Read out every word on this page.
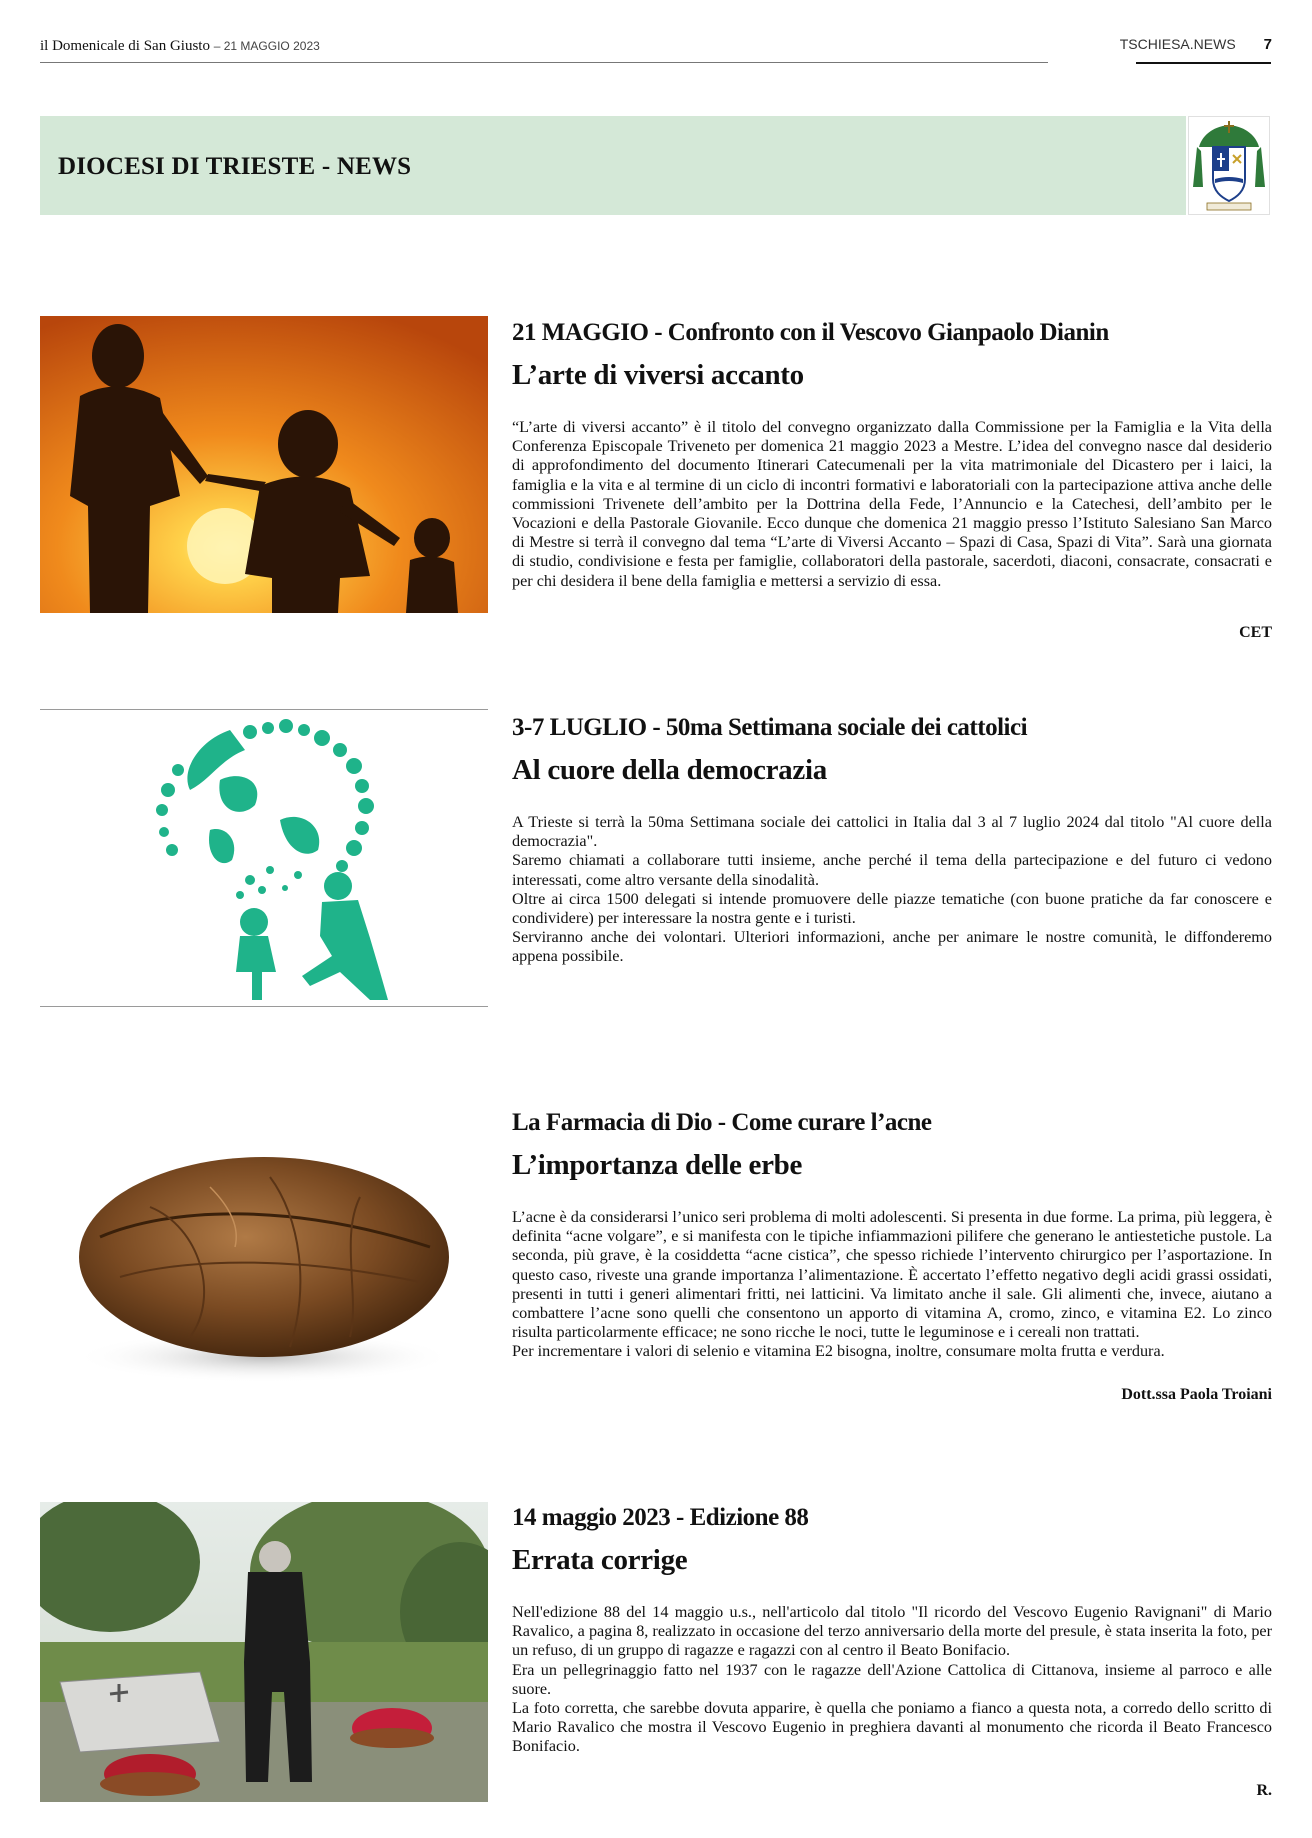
il Domenicale di San Giusto – 21 MAGGIO 2023	TSCHIESA.NEWS 7
DIOCESI DI TRIESTE - NEWS
21 MAGGIO - Confronto con il Vescovo Gianpaolo Dianin
L’arte di viversi accanto

“L’arte di viversi accanto” è il titolo del convegno organizzato dalla Commissione per la Famiglia e la Vita della Conferenza Episcopale Triveneto per domenica 21 maggio 2023 a Mestre. L’idea del convegno nasce dal desiderio di approfondimento del documento Itinerari Catecumenali per la vita matrimoniale del Dicastero per i laici, la famiglia e la vita e al termine di un ciclo di incontri formativi e laboratoriali con la partecipazione attiva anche delle commissioni Trivenete dell’ambito per la Dottrina della Fede, l’Annuncio e la Catechesi, dell’ambito per le Vocazioni e della Pastorale Giovanile. Ecco dunque che domenica 21 maggio presso l’Istituto Salesiano San Marco di Mestre si terrà il convegno dal tema “L’arte di Viversi Accanto – Spazi di Casa, Spazi di Vita”. Sarà una giornata di studio, condivisione e festa per famiglie, collaboratori della pastorale, sacerdoti, diaconi, consacrate, consacrati e per chi desidera il bene della famiglia e mettersi a servizio di essa.

CET
3-7 LUGLIO - 50ma Settimana sociale dei cattolici
Al cuore della democrazia

A Trieste si terrà la 50ma Settimana sociale dei cattolici in Italia dal 3 al 7 luglio 2024 dal titolo "Al cuore della democrazia".

Saremo chiamati a collaborare tutti insieme, anche perché il tema della partecipazione e del futuro ci vedono interessati, come altro versante della sinodalità.

Oltre ai circa 1500 delegati si intende promuovere delle piazze tematiche (con buone pratiche da far conoscere e condividere) per interessare la nostra gente e i turisti.

Serviranno anche dei volontari. Ulteriori informazioni, anche per animare le nostre comunità, le diffonderemo appena possibile.

La Farmacia di Dio - Come curare l’acne
L’importanza delle erbe

L’acne è da considerarsi l’unico seri problema di molti adolescenti. Si presenta in due forme. La prima, più leggera, è definita “acne volgare”, e si manifesta con le tipiche infiammazioni pilifere che generano le antiestetiche pustole. La seconda, più grave, è la cosiddetta “acne cistica”, che spesso richiede l’intervento chirurgico per l’asportazione. In questo caso, riveste una grande importanza l’alimentazione. È accertato l’effetto negativo degli acidi grassi ossidati, presenti in tutti i generi alimentari fritti, nei latticini. Va limitato anche il sale. Gli alimenti che, invece, aiutano a combattere l’acne sono quelli che consentono un apporto di vitamina A, cromo, zinco, e vitamina E2. Lo zinco risulta particolarmente efficace; ne sono ricche le noci, tutte le leguminose e i cereali non trattati.

Per incrementare i valori di selenio e vitamina E2 bisogna, inoltre, consumare molta frutta e verdura.

Dott.ssa Paola Troiani
14 maggio 2023 - Edizione 88
Errata corrige

Nell'edizione 88 del 14 maggio u.s., nell'articolo dal titolo "Il ricordo del Vescovo Eugenio Ravignani" di Mario Ravalico, a pagina 8, realizzato in occasione del terzo anniversario della morte del presule, è stata inserita la foto, per un refuso, di un gruppo di ragazze e ragazzi con al centro il Beato Bonifacio.

Era un pellegrinaggio fatto nel 1937 con le ragazze dell'Azione Cattolica di Cittanova, insieme al parroco e alle suore.

La foto corretta, che sarebbe dovuta apparire, è quella che poniamo a fianco a questa nota, a corredo dello scritto di Mario Ravalico che mostra il Vescovo Eugenio in preghiera davanti al monumento che ricorda il Beato Francesco Bonifacio.

R.
